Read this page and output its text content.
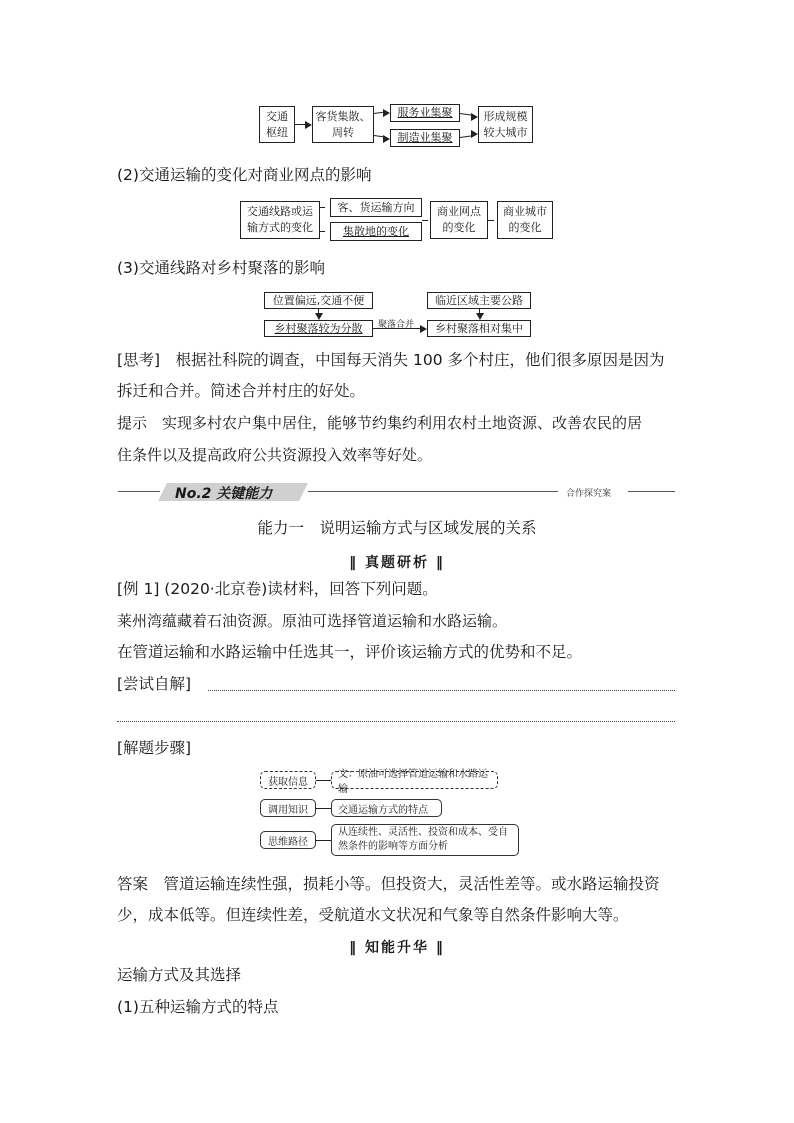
交通
枢纽
客货集散、
周转
服务业集聚
制造业集聚
形成规模
较大城市
(2)交通运输的变化对商业网点的影响
交通线路或运
输方式的变化
客、货运输方向
集散地的变化
商业网点
的变化
商业城市
的变化
(3)交通线路对乡村聚落的影响
位置偏远,交通不便	临近区域主要公路
乡村聚落较为分散	乡村聚落相对集中
聚落合并
[思考]　根据社科院的调查，中国每天消失 100 多个村庄，他们很多原因是因为
拆迁和合并。简述合并村庄的好处。
提示　实现多村农户集中居住，能够节约集约利用农村土地资源、改善农民的居
住条件以及提高政府公共资源投入效率等好处。
No.2 关键能力	合作探究案
能力一　说明运输方式与区域发展的关系
‖ 真题研析 ‖
[例 1] (2020·北京卷)读材料，回答下列问题。
莱州湾蕴藏着石油资源。原油可选择管道运输和水路运输。
在管道运输和水路运输中任选其一，评价该运输方式的优势和不足。
[尝试自解]
[解题步骤]
获取信息
文：原油可选择管道运输和水路运输
调用知识	交通运输方式的特点
思维路径
从连续性、灵活性、投资和成本、受自
然条件的影响等方面分析
答案　管道运输连续性强，损耗小等。但投资大，灵活性差等。或水路运输投资
少，成本低等。但连续性差，受航道水文状况和气象等自然条件影响大等。
‖ 知能升华 ‖
运输方式及其选择
(1)五种运输方式的特点
